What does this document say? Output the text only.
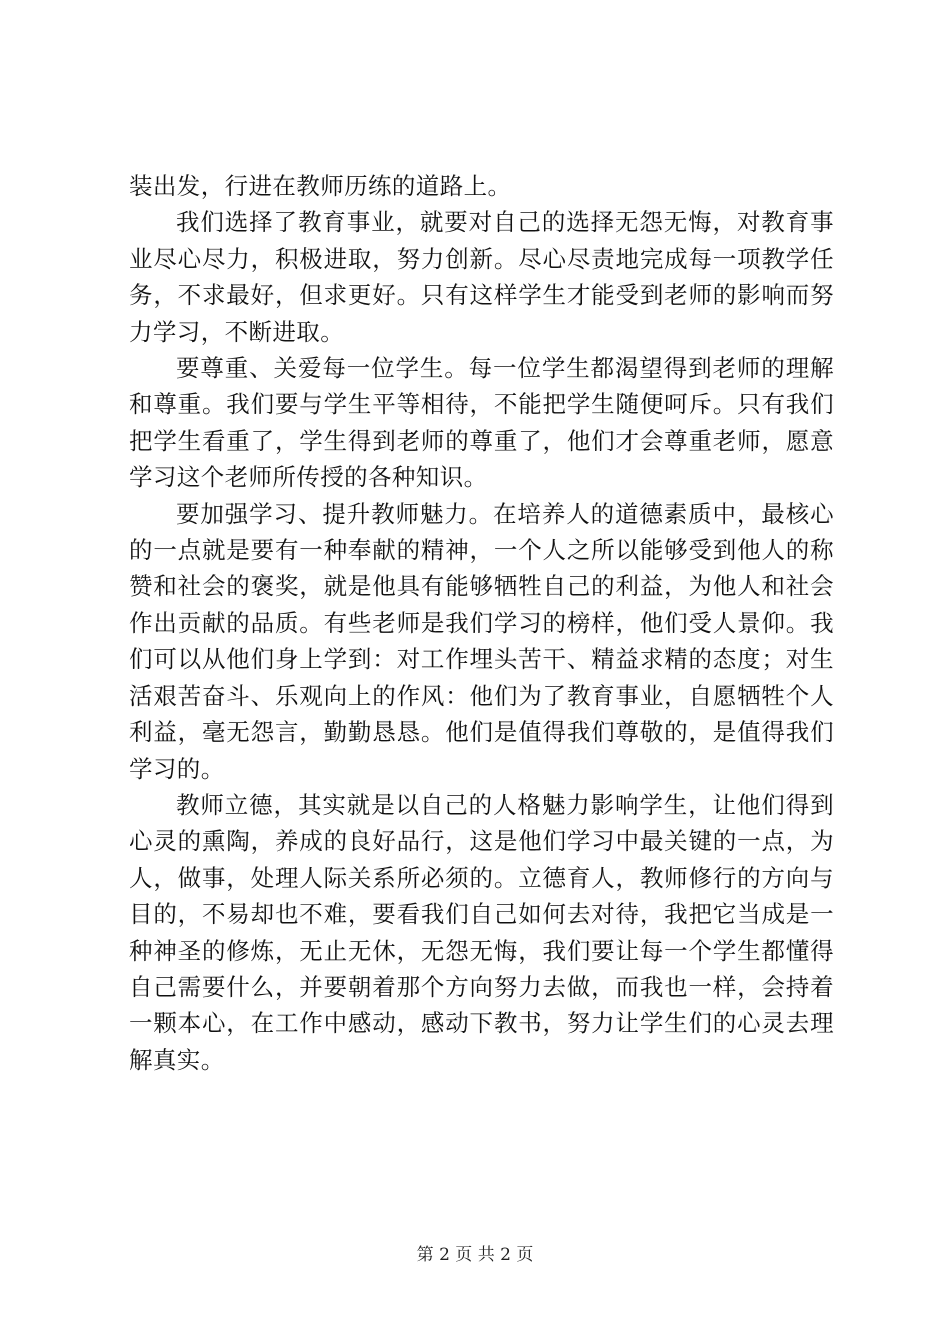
装出发，行进在教师历练的道路上。

我们选择了教育事业，就要对自己的选择无怨无悔，对教育事业尽心尽力，积极进取，努力创新。尽心尽责地完成每一项教学任务，不求最好，但求更好。只有这样学生才能受到老师的影响而努力学习，不断进取。

要尊重、关爱每一位学生。每一位学生都渴望得到老师的理解和尊重。我们要与学生平等相待，不能把学生随便呵斥。只有我们把学生看重了，学生得到老师的尊重了，他们才会尊重老师，愿意学习这个老师所传授的各种知识。

要加强学习、提升教师魅力。在培养人的道德素质中，最核心的一点就是要有一种奉献的精神，一个人之所以能够受到他人的称赞和社会的褒奖，就是他具有能够牺牲自己的利益，为他人和社会作出贡献的品质。有些老师是我们学习的榜样，他们受人景仰。我们可以从他们身上学到：对工作埋头苦干、精益求精的态度；对生活艰苦奋斗、乐观向上的作风：他们为了教育事业，自愿牺牲个人利益，毫无怨言，勤勤恳恳。他们是值得我们尊敬的，是值得我们学习的。

教师立德，其实就是以自己的人格魅力影响学生，让他们得到心灵的熏陶，养成的良好品行，这是他们学习中最关键的一点，为人，做事，处理人际关系所必须的。立德育人，教师修行的方向与目的，不易却也不难，要看我们自己如何去对待，我把它当成是一种神圣的修炼，无止无休，无怨无悔，我们要让每一个学生都懂得自己需要什么，并要朝着那个方向努力去做，而我也一样，会持着一颗本心，在工作中感动，感动下教书，努力让学生们的心灵去理解真实。

第 2 页 共 2 页
